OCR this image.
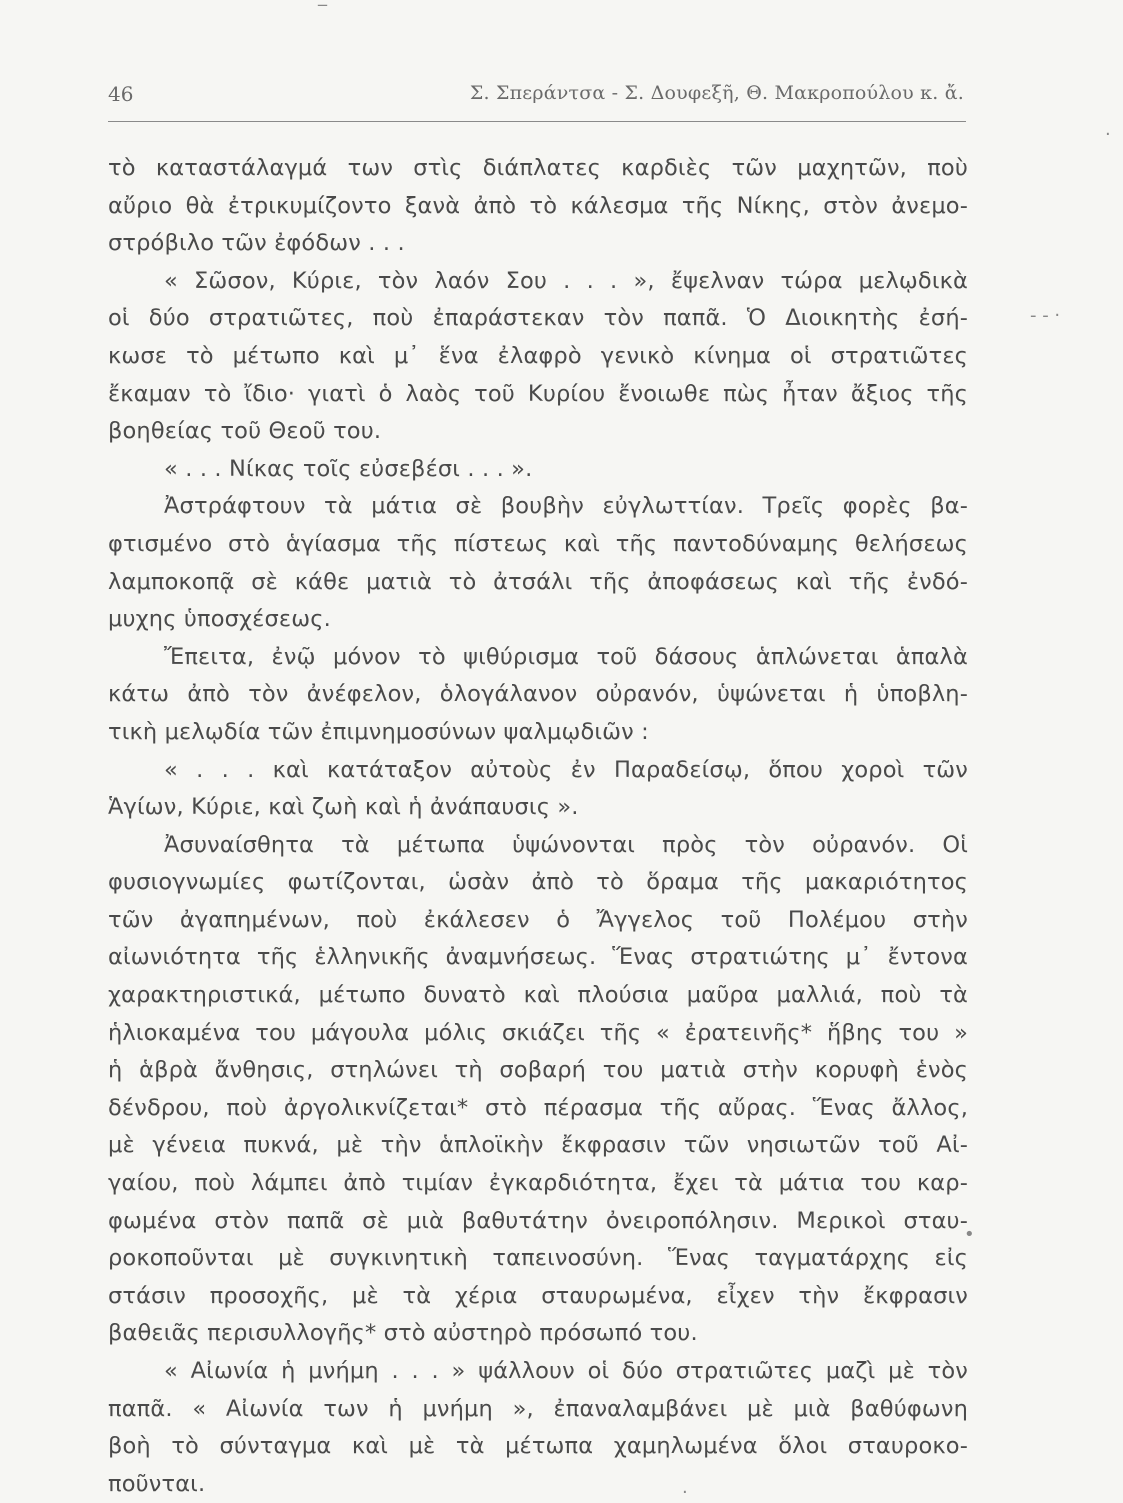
46	Σ. Σπεράντσα - Σ. Δουφεξῆ, Θ. Μακροπούλου κ. ἄ.
τὸ καταστάλαγμά των στὶς διάπλατες καρδιὲς τῶν μαχητῶν, ποὺ
αὔριο θὰ ἐτρικυμίζοντο ξανὰ ἀπὸ τὸ κάλεσμα τῆς Νίκης, στὸν ἀνεμο-
στρόβιλο τῶν ἐφόδων . . .
« Σῶσον, Κύριε, τὸν λαόν Σου . . . », ἔψελναν τώρα μελῳδικὰ
οἱ δύο στρατιῶτες, ποὺ ἐπαράστεκαν τὸν παπᾶ. Ὁ Διοικητὴς ἐσή-
κωσε τὸ μέτωπο καὶ μ᾽ ἕνα ἐλαφρὸ γενικὸ κίνημα οἱ στρατιῶτες
ἔκαμαν τὸ ἴδιο· γιατὶ ὁ λαὸς τοῦ Κυρίου ἔνοιωθε πὼς ἦταν ἄξιος τῆς
βοηθείας τοῦ Θεοῦ του.
« . . . Νίκας τοῖς εὐσεβέσι . . . ».
Ἀστράφτουν τὰ μάτια σὲ βουβὴν εὐγλωττίαν. Τρεῖς φορὲς βα-
φτισμένο στὸ ἁγίασμα τῆς πίστεως καὶ τῆς παντοδύναμης θελήσεως
λαμποκοπᾷ σὲ κάθε ματιὰ τὸ ἀτσάλι τῆς ἀποφάσεως καὶ τῆς ἐνδό-
μυχης ὑποσχέσεως.
Ἔπειτα, ἐνῷ μόνον τὸ ψιθύρισμα τοῦ δάσους ἁπλώνεται ἁπαλὰ
κάτω ἀπὸ τὸν ἀνέφελον, ὁλογάλανον οὐρανόν, ὑψώνεται ἡ ὑποβλη-
τικὴ μελῳδία τῶν ἐπιμνημοσύνων ψαλμῳδιῶν :
« . . . καὶ κατάταξον αὐτοὺς ἐν Παραδείσῳ, ὅπου χοροὶ τῶν
Ἁγίων, Κύριε, καὶ ζωὴ καὶ ἡ ἀνάπαυσις ».
Ἀσυναίσθητα τὰ μέτωπα ὑψώνονται πρὸς τὸν οὐρανόν. Οἱ
φυσιογνωμίες φωτίζονται, ὡσὰν ἀπὸ τὸ ὅραμα τῆς μακαριότητος
τῶν ἀγαπημένων, ποὺ ἐκάλεσεν ὁ Ἄγγελος τοῦ Πολέμου στὴν
αἰωνιότητα τῆς ἑλληνικῆς ἀναμνήσεως. Ἕνας στρατιώτης μ᾽ ἔντονα
χαρακτηριστικά, μέτωπο δυνατὸ καὶ πλούσια μαῦρα μαλλιά, ποὺ τὰ
ἡλιοκαμένα του μάγουλα μόλις σκιάζει τῆς « ἐρατεινῆς* ἥβης του »
ἡ ἁβρὰ ἄνθησις, στηλώνει τὴ σοβαρή του ματιὰ στὴν κορυφὴ ἑνὸς
δένδρου, ποὺ ἀργολικνίζεται* στὸ πέρασμα τῆς αὔρας. Ἕνας ἄλλος,
μὲ γένεια πυκνά, μὲ τὴν ἁπλοϊκὴν ἔκφρασιν τῶν νησιωτῶν τοῦ Αἰ-
γαίου, ποὺ λάμπει ἀπὸ τιμίαν ἐγκαρδιότητα, ἔχει τὰ μάτια του καρ-
φωμένα στὸν παπᾶ σὲ μιὰ βαθυτάτην ὀνειροπόλησιν. Μερικοὶ σταυ-
ροκοποῦνται μὲ συγκινητικὴ ταπεινοσύνη. Ἕνας ταγματάρχης εἰς
στάσιν προσοχῆς, μὲ τὰ χέρια σταυρωμένα, εἶχεν τὴν ἔκφρασιν
βαθειᾶς περισυλλογῆς* στὸ αὐστηρὸ πρόσωπό του.
« Αἰωνία ἡ μνήμη . . . » ψάλλουν οἱ δύο στρατιῶτες μαζὶ μὲ τὸν
παπᾶ. « Αἰωνία των ἡ μνήμη », ἐπαναλαμβάνει μὲ μιὰ βαθύφωνη
βοὴ τὸ σύνταγμα καὶ μὲ τὰ μέτωπα χαμηλωμένα ὅλοι σταυροκο-
ποῦνται.
‾
·
- - ·
•
·
